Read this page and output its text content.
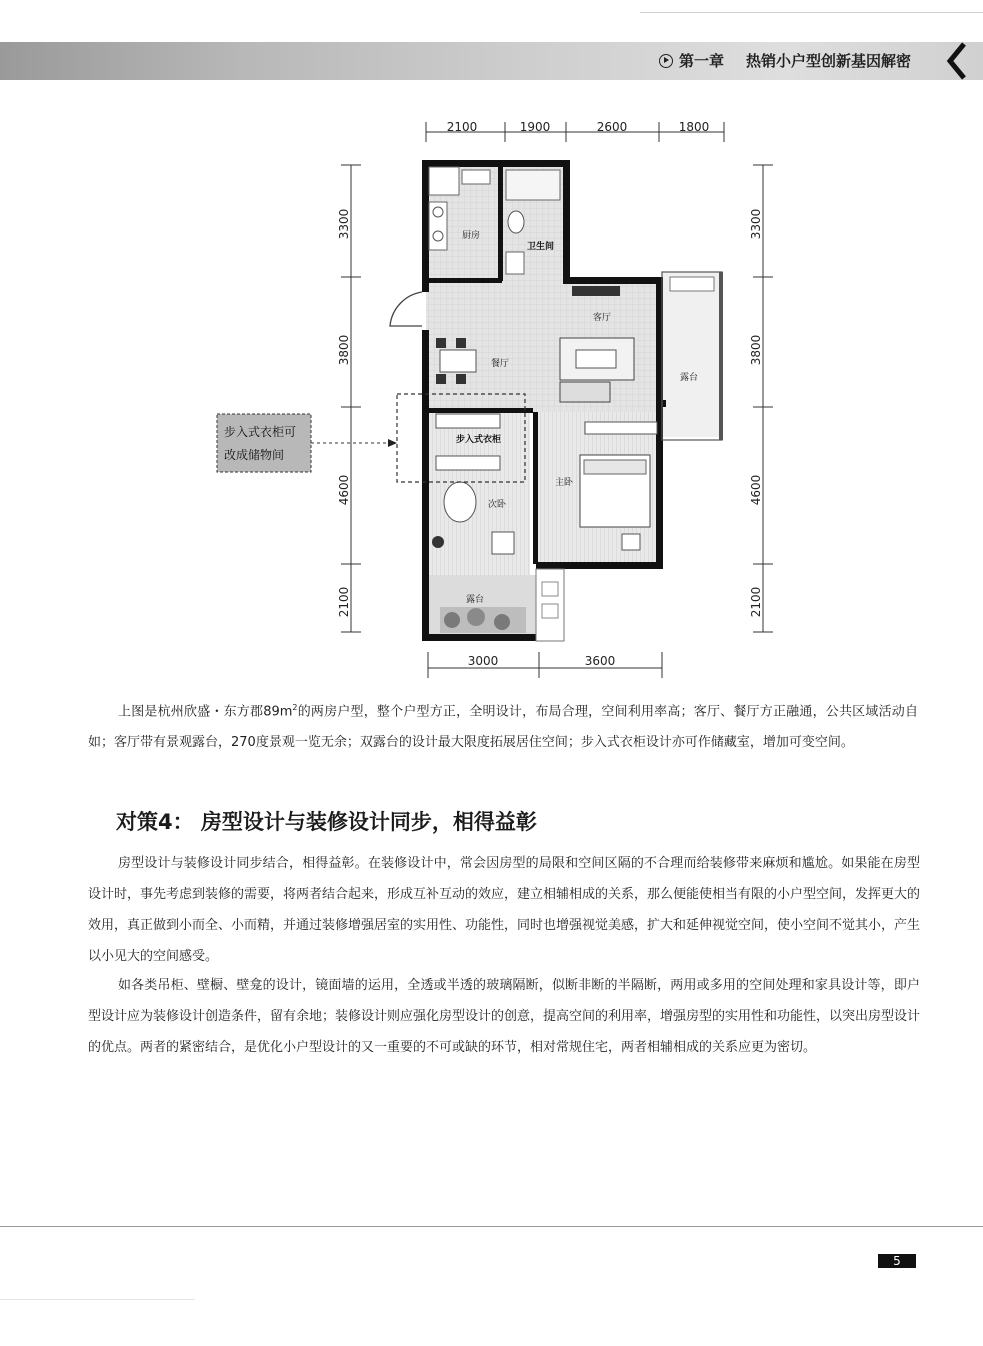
第一章 热销小户型创新基因解密
2100	1900	2600	1800
3300
3800
4600
2100
3300
3800
4600
2100
3000	3600
步入式衣柜可
改成储物间
厨房
卫生间
客厅
餐厅
露台
步入式衣柜
主卧
次卧
露台
上图是杭州欣盛・东方郡$89m^2$的两房户型，整个户型方正，全明设计，布局合理，空间利用率高；客厅、餐厅方正融通，公共区域活动自如；客厅带有景观露台，270度景观一览无余；双露台的设计最大限度拓展居住空间；步入式衣柜设计亦可作储藏室，增加可变空间。
对策4： 房型设计与装修设计同步，相得益彰

房型设计与装修设计同步结合，相得益彰。在装修设计中，常会因房型的局限和空间区隔的不合理而给装修带来麻烦和尴尬。如果能在房型设计时，事先考虑到装修的需要，将两者结合起来，形成互补互动的效应，建立相辅相成的关系，那么便能使相当有限的小户型空间，发挥更大的效用，真正做到小而全、小而精，并通过装修增强居室的实用性、功能性，同时也增强视觉美感，扩大和延伸视觉空间，使小空间不觉其小，产生以小见大的空间感受。

如各类吊柜、壁橱、壁龛的设计，镜面墙的运用，全透或半透的玻璃隔断，似断非断的半隔断，两用或多用的空间处理和家具设计等，即户型设计应为装修设计创造条件，留有余地；装修设计则应强化房型设计的创意，提高空间的利用率，增强房型的实用性和功能性，以突出房型设计的优点。两者的紧密结合，是优化小户型设计的又一重要的不可或缺的环节，相对常规住宅，两者相辅相成的关系应更为密切。

5
